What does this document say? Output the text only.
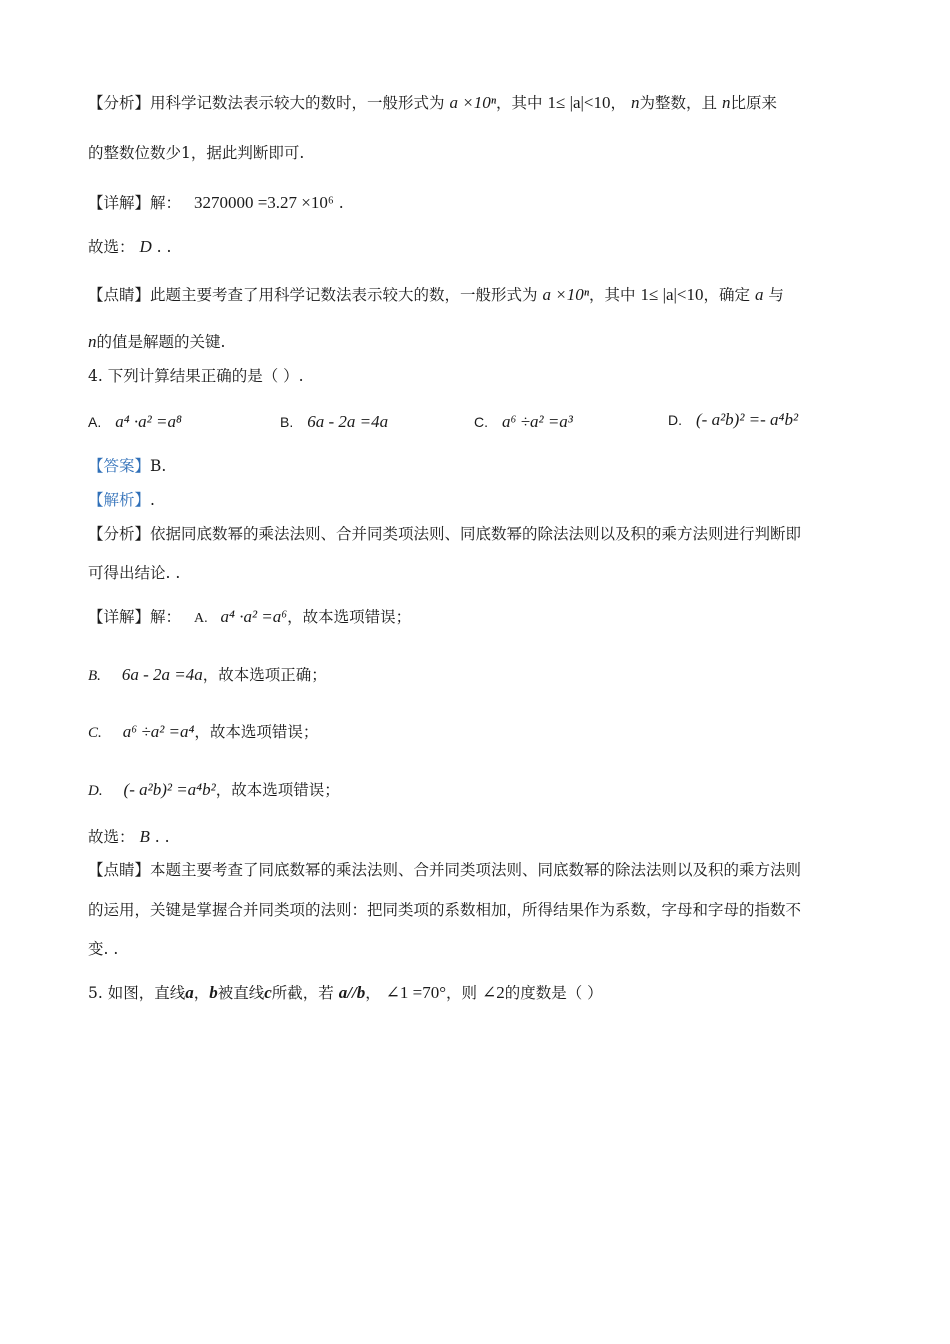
【分析】用科学记数法表示较大的数时，一般形式为 a ×10ⁿ，其中 1≤ |a|<10， n为整数，且 n比原来
的整数位数少1，据此判断即可.
【详解】解： 3270000 =3.27 ×10⁶ .
故选： D . .
【点睛】此题主要考查了用科学记数法表示较大的数，一般形式为 a ×10ⁿ，其中 1≤ |a|<10，确定 a 与
n的值是解题的关键.
4. 下列计算结果正确的是（ ）.
A. a⁴ ·a² =a⁸	B. 6a - 2a =4a	C. a⁶ ÷a² =a³	D. (- a²b)² =- a⁴b²
【答案】B.
【解析】.
【分析】依据同底数幂的乘法法则、合并同类项法则、同底数幂的除法法则以及积的乘方法则进行判断即
可得出结论. .
【详解】解： A. a⁴ ·a² =a⁶，故本选项错误；
B. 6a - 2a =4a，故本选项正确；
C. a⁶ ÷a² =a⁴，故本选项错误；
D. (- a²b)² =a⁴b²，故本选项错误；
故选： B . .
【点睛】本题主要考查了同底数幂的乘法法则、合并同类项法则、同底数幂的除法法则以及积的乘方法则
的运用，关键是掌握合并同类项的法则：把同类项的系数相加，所得结果作为系数，字母和字母的指数不
变. .
5. 如图，直线a，b被直线c所截，若 a//b， ∠1 =70°，则 ∠2的度数是（ ）
